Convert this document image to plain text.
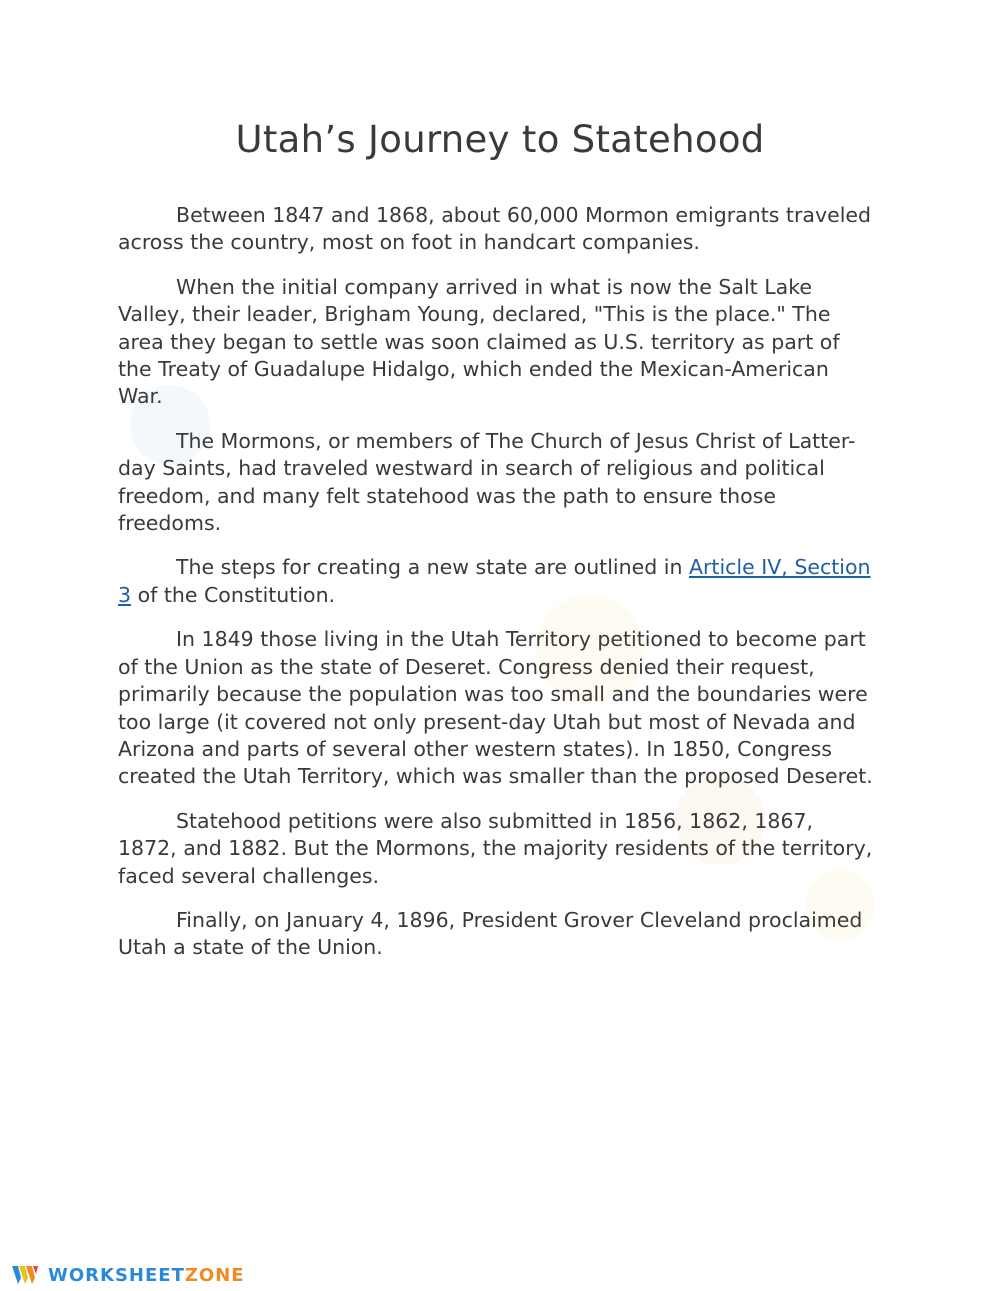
Utah’s Journey to Statehood

Between 1847 and 1868, about 60,000 Mormon emigrants traveled across the country, most on foot in handcart companies.

When the initial company arrived in what is now the Salt Lake Valley, their leader, Brigham Young, declared, "This is the place." The area they began to settle was soon claimed as U.S. territory as part of the Treaty of Guadalupe Hidalgo, which ended the Mexican-American War.

The Mormons, or members of The Church of Jesus Christ of Latter-day Saints, had traveled westward in search of religious and political freedom, and many felt statehood was the path to ensure those freedoms.

The steps for creating a new state are outlined in Article IV, Section 3 of the Constitution.

In 1849 those living in the Utah Territory petitioned to become part of the Union as the state of Deseret. Congress denied their request, primarily because the population was too small and the boundaries were too large (it covered not only present-day Utah but most of Nevada and Arizona and parts of several other western states). In 1850, Congress created the Utah Territory, which was smaller than the proposed Deseret.

Statehood petitions were also submitted in 1856, 1862, 1867, 1872, and 1882. But the Mormons, the majority residents of the territory, faced several challenges.

Finally, on January 4, 1896, President Grover Cleveland proclaimed Utah a state of the Union.

WORKSHEETZONE
